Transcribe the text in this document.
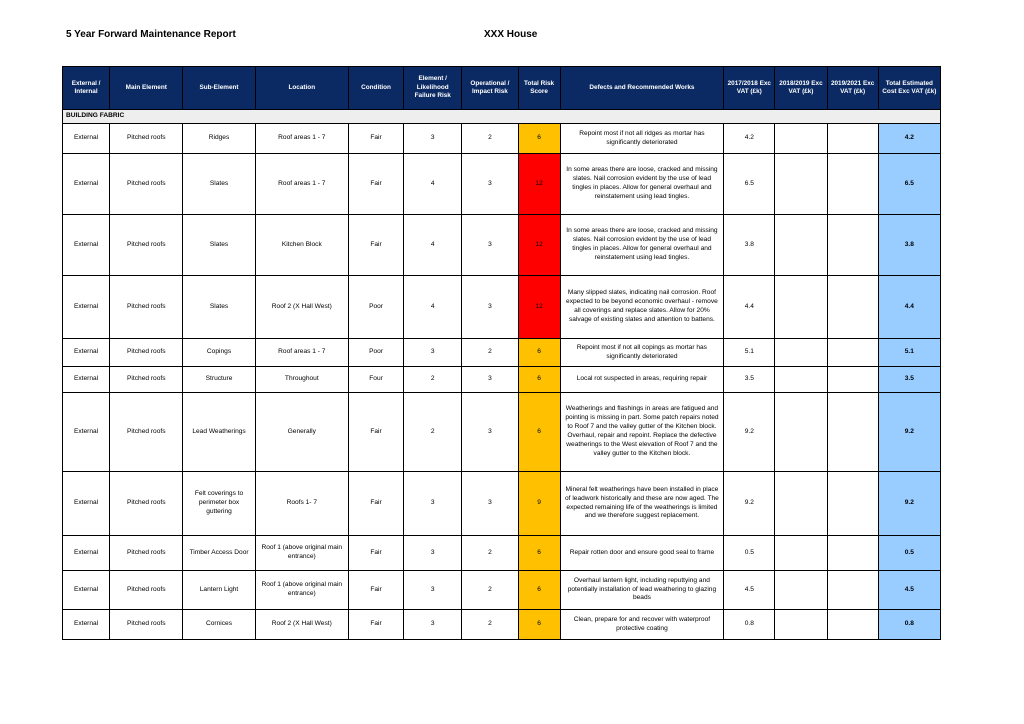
5 Year Forward Maintenance Report	XXX House
External / Internal	Main Element	Sub-Element	Location	Condition	Element / Likelihood Failure Risk	Operational / Impact Risk	Total Risk Score	Defects and Recommended Works	2017/2018 Exc VAT (£k)	2018/2019 Exc VAT (£k)	2019/2021 Exc VAT (£k)	Total Estimated Cost Exc VAT (£k)
BUILDING FABRIC												
External	Pitched roofs	Ridges	Roof areas 1 - 7	Fair	3	2	6	Repoint most if not all ridges as mortar has significantly deteriorated	4.2			4.2
External	Pitched roofs	Slates	Roof areas 1 - 7	Fair	4	3	12	In some areas there are loose, cracked and missing slates. Nail corrosion evident by the use of lead tingles in places. Allow for general overhaul and reinstatement using lead tingles.	6.5			6.5
External	Pitched roofs	Slates	Kitchen Block	Fair	4	3	12	In some areas there are loose, cracked and missing slates. Nail corrosion evident by the use of lead tingles in places. Allow for general overhaul and reinstatement using lead tingles.	3.8			3.8
External	Pitched roofs	Slates	Roof 2 (X Hall West)	Poor	4	3	12	Many slipped slates, indicating nail corrosion. Roof expected to be beyond economic overhaul - remove all coverings and replace slates. Allow for 20% salvage of existing slates and attention to battens.	4.4			4.4
External	Pitched roofs	Copings	Roof areas 1 - 7	Poor	3	2	6	Repoint most if not all copings as mortar has significantly deteriorated	5.1			5.1
External	Pitched roofs	Structure	Throughout	Four	2	3	6	Local rot suspected in areas, requiring repair	3.5			3.5
External	Pitched roofs	Lead Weatherings	Generally	Fair	2	3	6	Weatherings and flashings in areas are fatigued and pointing is missing in part. Some patch repairs noted to Roof 7 and the valley gutter of the Kitchen block. Overhaul, repair and repoint. Replace the defective weatherings to the West elevation of Roof 7 and the valley gutter to the Kitchen block.	9.2			9.2
External	Pitched roofs	Felt coverings to perimeter box guttering	Roofs 1- 7	Fair	3	3	9	Mineral felt weatherings have been installed in place of leadwork historically and these are now aged. The expected remaining life of the weatherings is limited and we therefore suggest replacement.	9.2			9.2
External	Pitched roofs	Timber Access Door	Roof 1 (above original main entrance)	Fair	3	2	6	Repair rotten door and ensure good seal to frame	0.5			0.5
External	Pitched roofs	Lantern Light	Roof 1 (above original main entrance)	Fair	3	2	6	Overhaul lantern light, including reputtying and potentially installation of lead weathering to glazing beads	4.5			4.5
External	Pitched roofs	Cornices	Roof 2 (X Hall West)	Fair	3	2	6	Clean, prepare for and recover with waterproof protective coating	0.8			0.8
